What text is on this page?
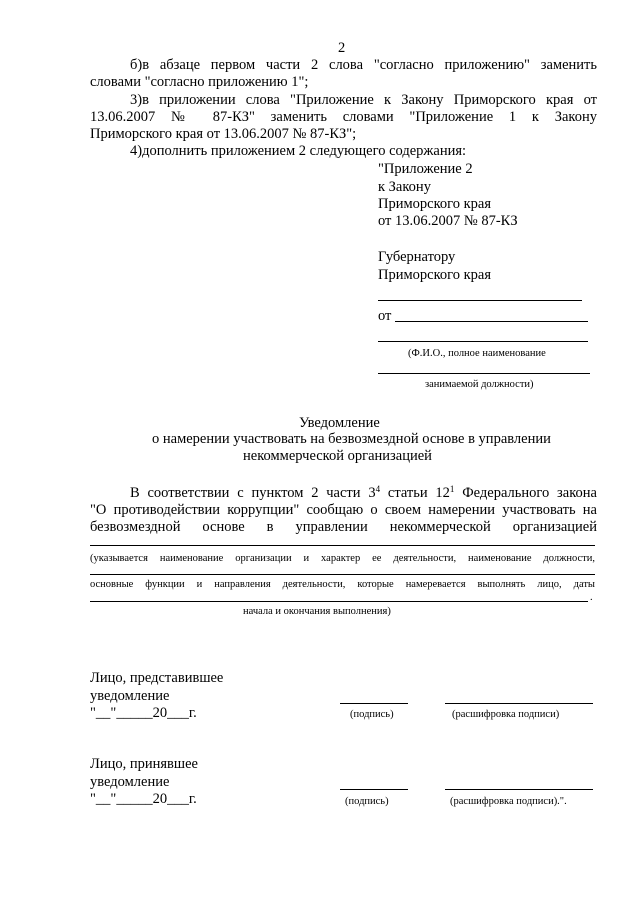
2
б)в абзаце первом части 2 слова "согласно приложению" заменить
словами "согласно приложению 1";
3)в приложении слова "Приложение к Закону Приморского края от
13.06.2007 № 87-КЗ" заменить словами "Приложение 1 к Закону
Приморского края от 13.06.2007 № 87-КЗ";
4)дополнить приложением 2 следующего содержания:
"Приложение 2
к Закону
Приморского края
от 13.06.2007 № 87-КЗ
Губернатору
Приморского края
от
(Ф.И.О., полное наименование
занимаемой должности)
Уведомление
о намерении участвовать на безвозмездной основе в управлении
некоммерческой организацией
В соответствии с пунктом 2 части $3^4$ статьи $12^1$ Федерального закона
"О противодействии коррупции" сообщаю о своем намерении участвовать на
безвозмездной основе в управлении некоммерческой организацией
(указывается наименование организации и характер ее деятельности, наименование должности,
основные функции и направления деятельности, которые намеревается выполнять лицо, даты
.
начала и окончания выполнения)
Лицо, представившее
уведомление
"__"_____20___г.	(подпись)	(расшифровка подписи)
Лицо, принявшее
уведомление
"__"_____20___г.	(подпись)	(расшифровка подписи).".
